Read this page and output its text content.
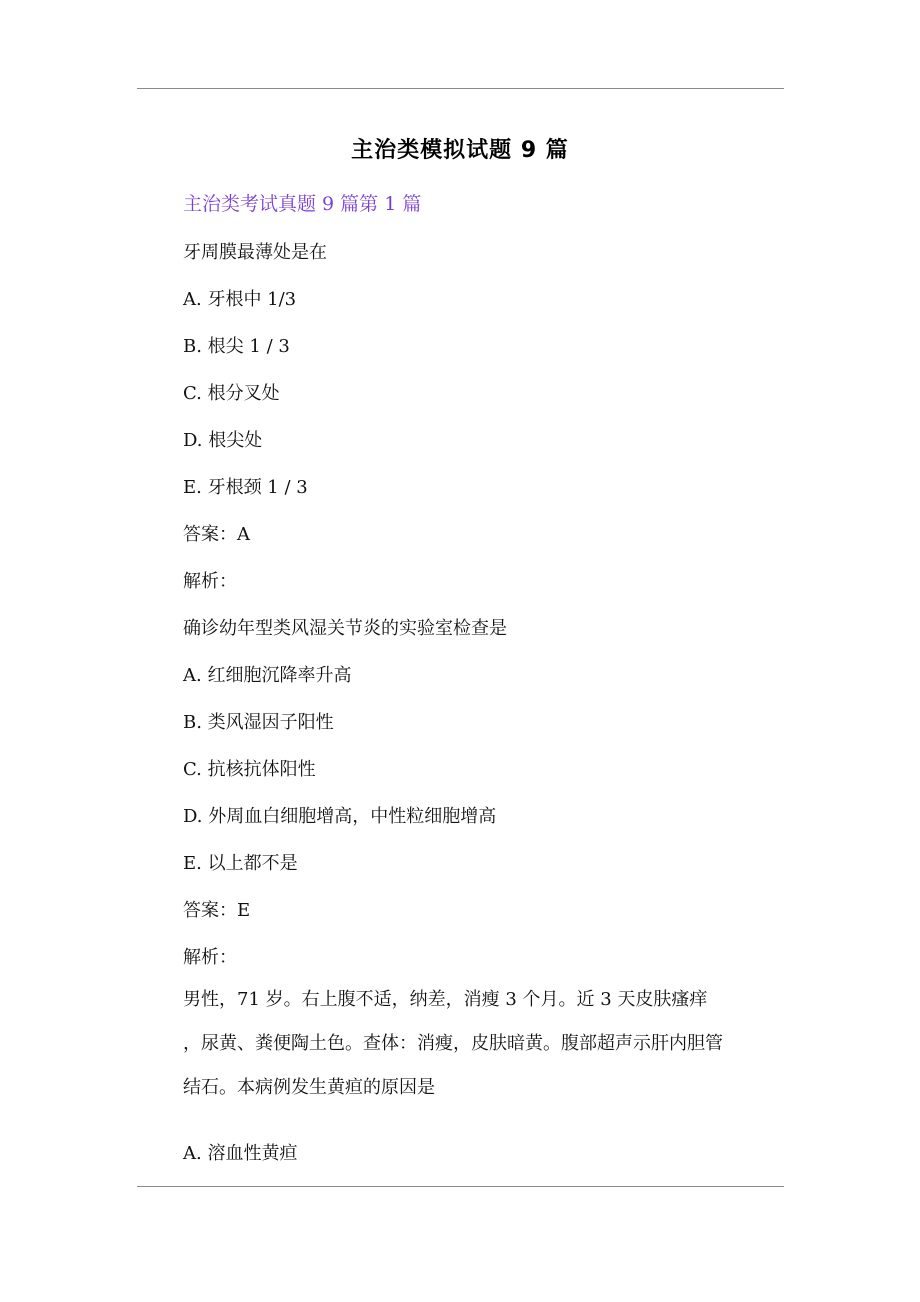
主治类模拟试题 9 篇
主治类考试真题 9 篇第 1 篇
牙周膜最薄处是在
A. 牙根中 1/3
B. 根尖 1 / 3
C. 根分叉处
D. 根尖处
E. 牙根颈 1 / 3
答案：A
解析：
确诊幼年型类风湿关节炎的实验室检查是
A. 红细胞沉降率升高
B. 类风湿因子阳性
C. 抗核抗体阳性
D. 外周血白细胞增高，中性粒细胞增高
E. 以上都不是
答案：E
解析：
男性，71 岁。右上腹不适，纳差，消瘦 3 个月。近 3 天皮肤瘙痒
，尿黄、粪便陶土色。查体：消瘦，皮肤暗黄。腹部超声示肝内胆管
结石。本病例发生黄疸的原因是
A. 溶血性黄疸
